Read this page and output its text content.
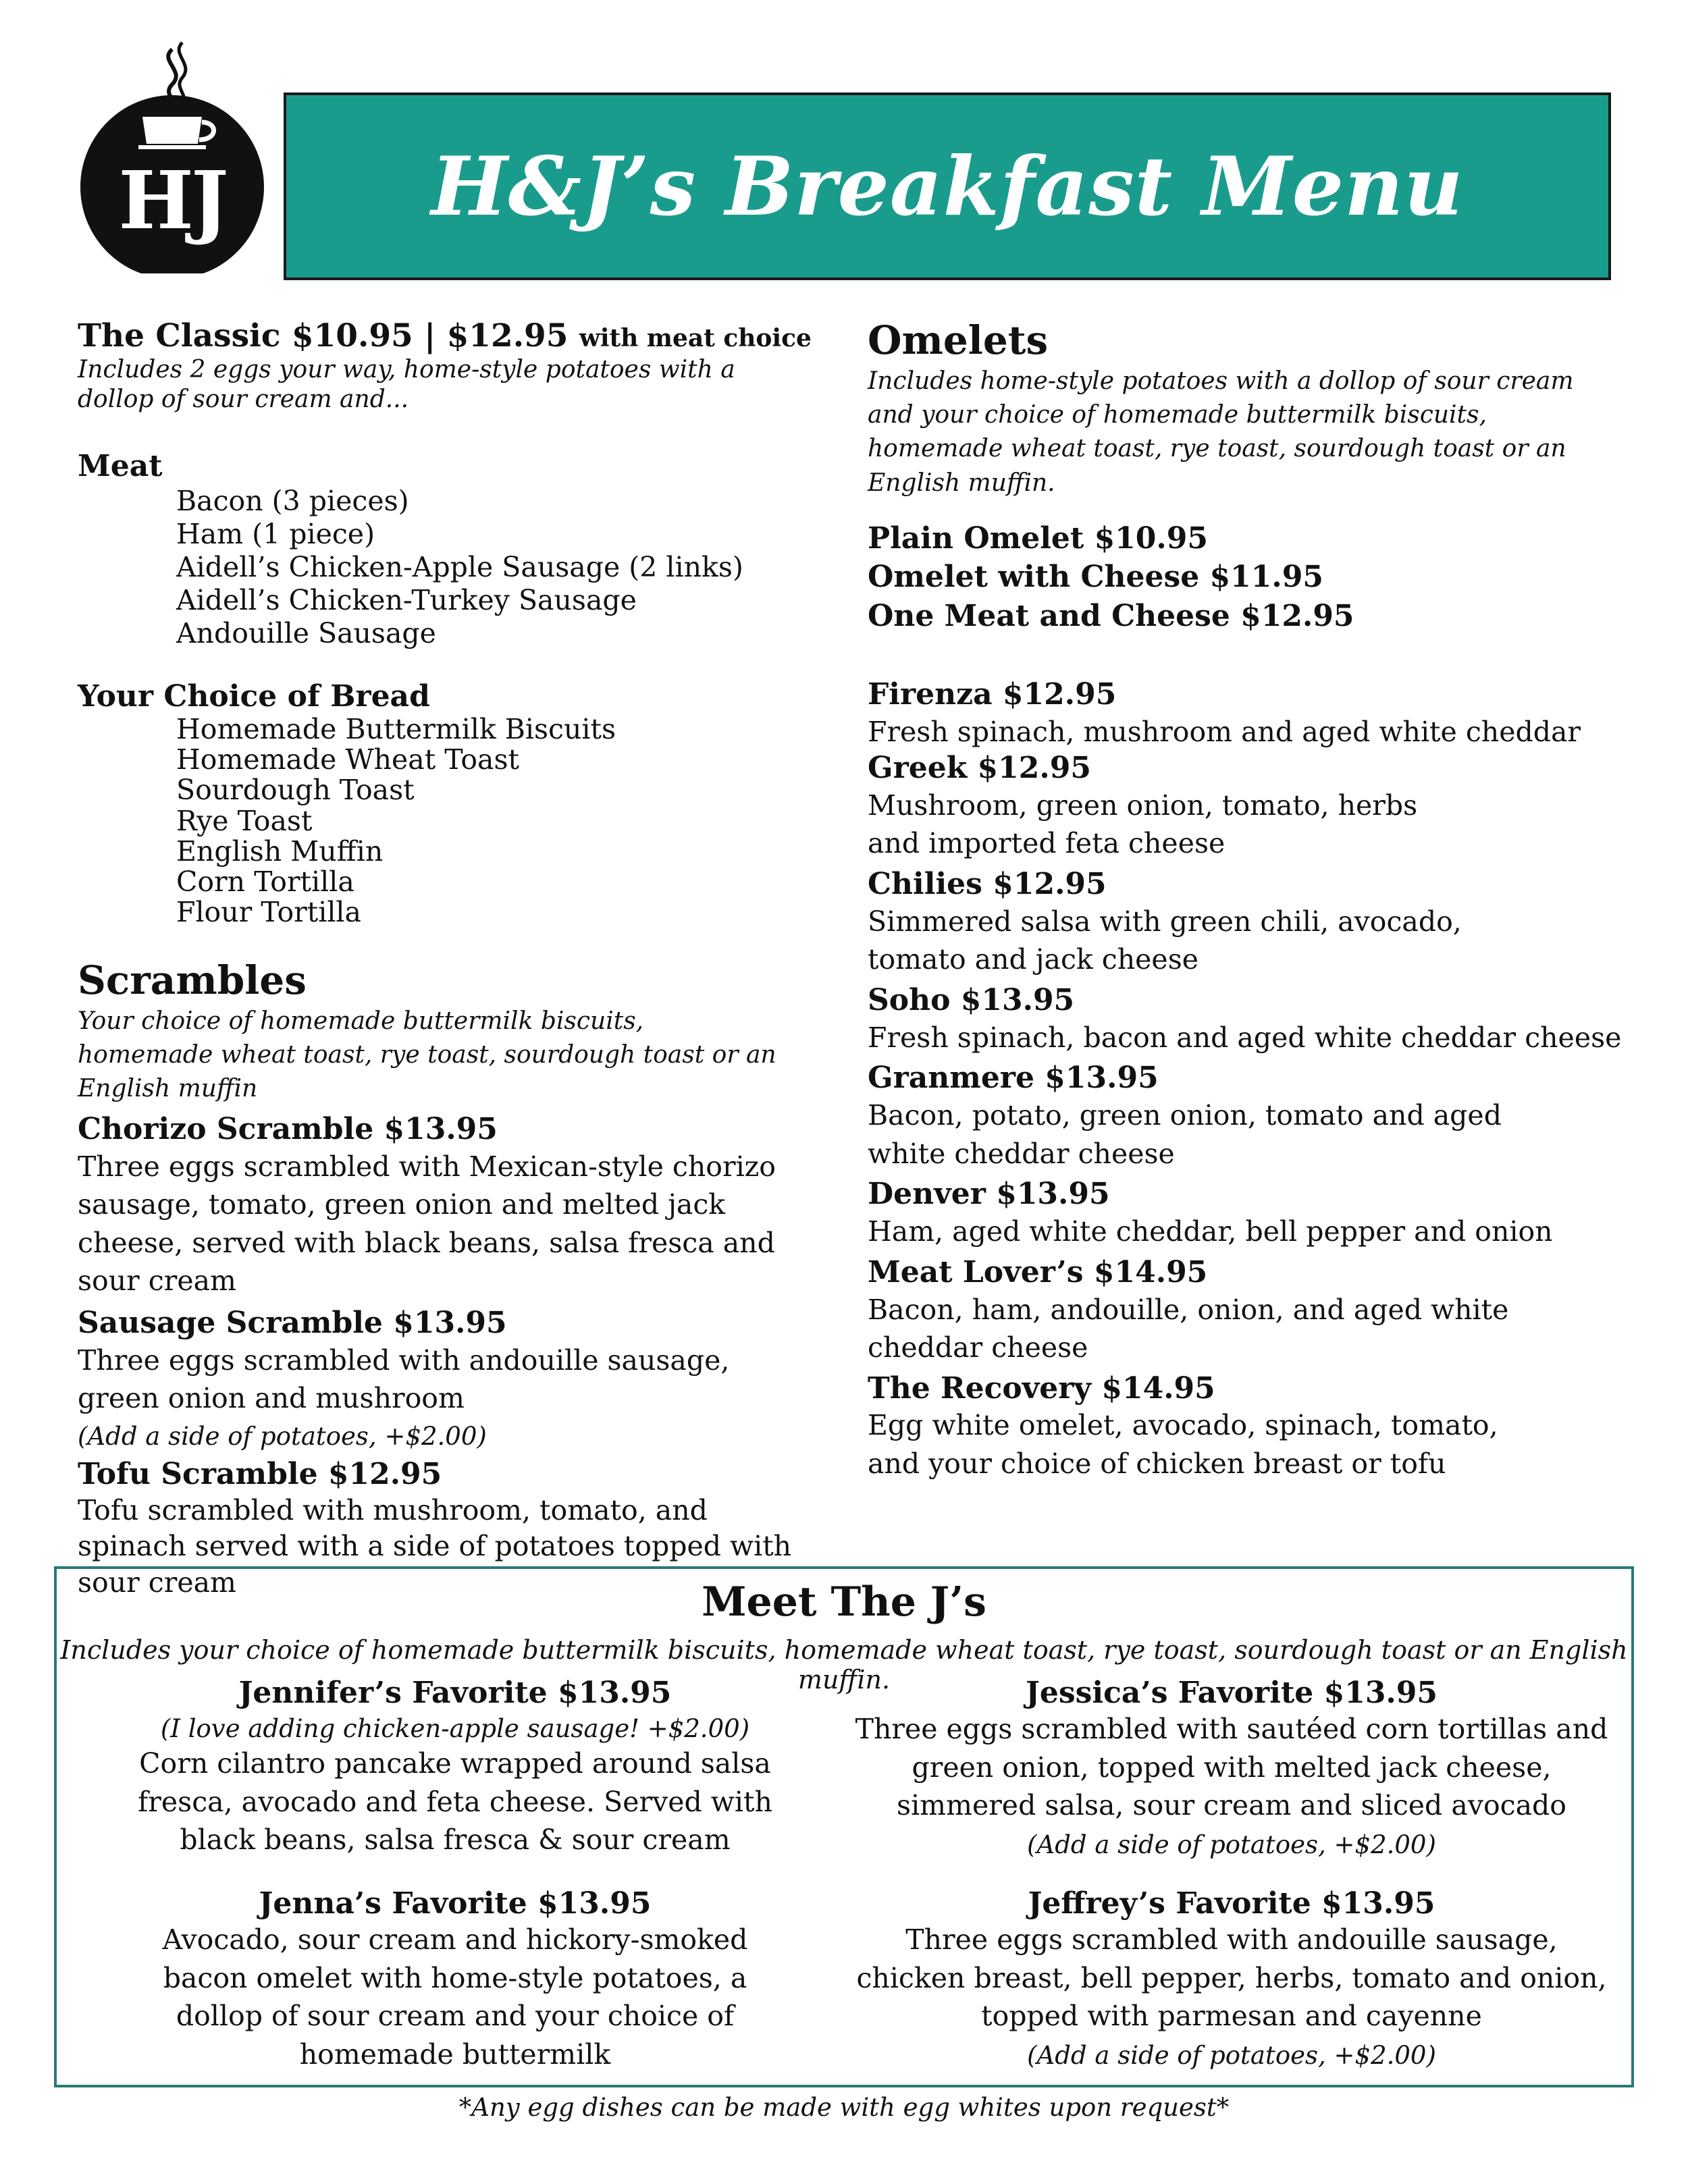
HJ	H&J’s Breakfast Menu

The Classic $10.95 | $12.95 with meat choice

Includes 2 eggs your way, home-style potatoes with a dollop of sour cream and...

Meat

Bacon (3 pieces)
Ham (1 piece)
Aidell’s Chicken-Apple Sausage (2 links)
Aidell’s Chicken-Turkey Sausage
Andouille Sausage

Your Choice of Bread

Homemade Buttermilk Biscuits
Homemade Wheat Toast
Sourdough Toast
Rye Toast
English Muffin
Corn Tortilla
Flour Tortilla

Scrambles

Your choice of homemade buttermilk biscuits, homemade wheat toast, rye toast, sourdough toast or an English muffin

Chorizo Scramble $13.95

Three eggs scrambled with Mexican-style chorizo sausage, tomato, green onion and melted jack cheese, served with black beans, salsa fresca and sour cream

Sausage Scramble $13.95

Three eggs scrambled with andouille sausage, green onion and mushroom

(Add a side of potatoes, +$2.00)

Tofu Scramble $12.95

Tofu scrambled with mushroom, tomato, and spinach served with a side of potatoes topped with sour cream

Omelets

Includes home-style potatoes with a dollop of sour cream and your choice of homemade buttermilk biscuits, homemade wheat toast, rye toast, sourdough toast or an English muffin.

Plain Omelet $10.95

Omelet with Cheese $11.95

One Meat and Cheese $12.95

Firenza $12.95

Fresh spinach, mushroom and aged white cheddar

Greek $12.95

Mushroom, green onion, tomato, herbs and imported feta cheese

Chilies $12.95

Simmered salsa with green chili, avocado, tomato and jack cheese

Soho $13.95

Fresh spinach, bacon and aged white cheddar cheese

Granmere $13.95

Bacon, potato, green onion, tomato and aged white cheddar cheese

Denver $13.95

Ham, aged white cheddar, bell pepper and onion

Meat Lover’s $14.95

Bacon, ham, andouille, onion, and aged white cheddar cheese

The Recovery $14.95

Egg white omelet, avocado, spinach, tomato, and your choice of chicken breast or tofu

Meet The J’s
Includes your choice of homemade buttermilk biscuits, homemade wheat toast, rye toast, sourdough toast or an English muffin.

Jennifer’s Favorite $13.95

(I love adding chicken-apple sausage! +$2.00)

Corn cilantro pancake wrapped around salsa fresca, avocado and feta cheese. Served with black beans, salsa fresca & sour cream

Jenna’s Favorite $13.95

Avocado, sour cream and hickory-smoked bacon omelet with home-style potatoes, a dollop of sour cream and your choice of homemade buttermilk

Jessica’s Favorite $13.95

Three eggs scrambled with sautéed corn tortillas and green onion, topped with melted jack cheese, simmered salsa, sour cream and sliced avocado

(Add a side of potatoes, +$2.00)

Jeffrey’s Favorite $13.95

Three eggs scrambled with andouille sausage, chicken breast, bell pepper, herbs, tomato and onion, topped with parmesan and cayenne

(Add a side of potatoes, +$2.00)

*Any egg dishes can be made with egg whites upon request*
